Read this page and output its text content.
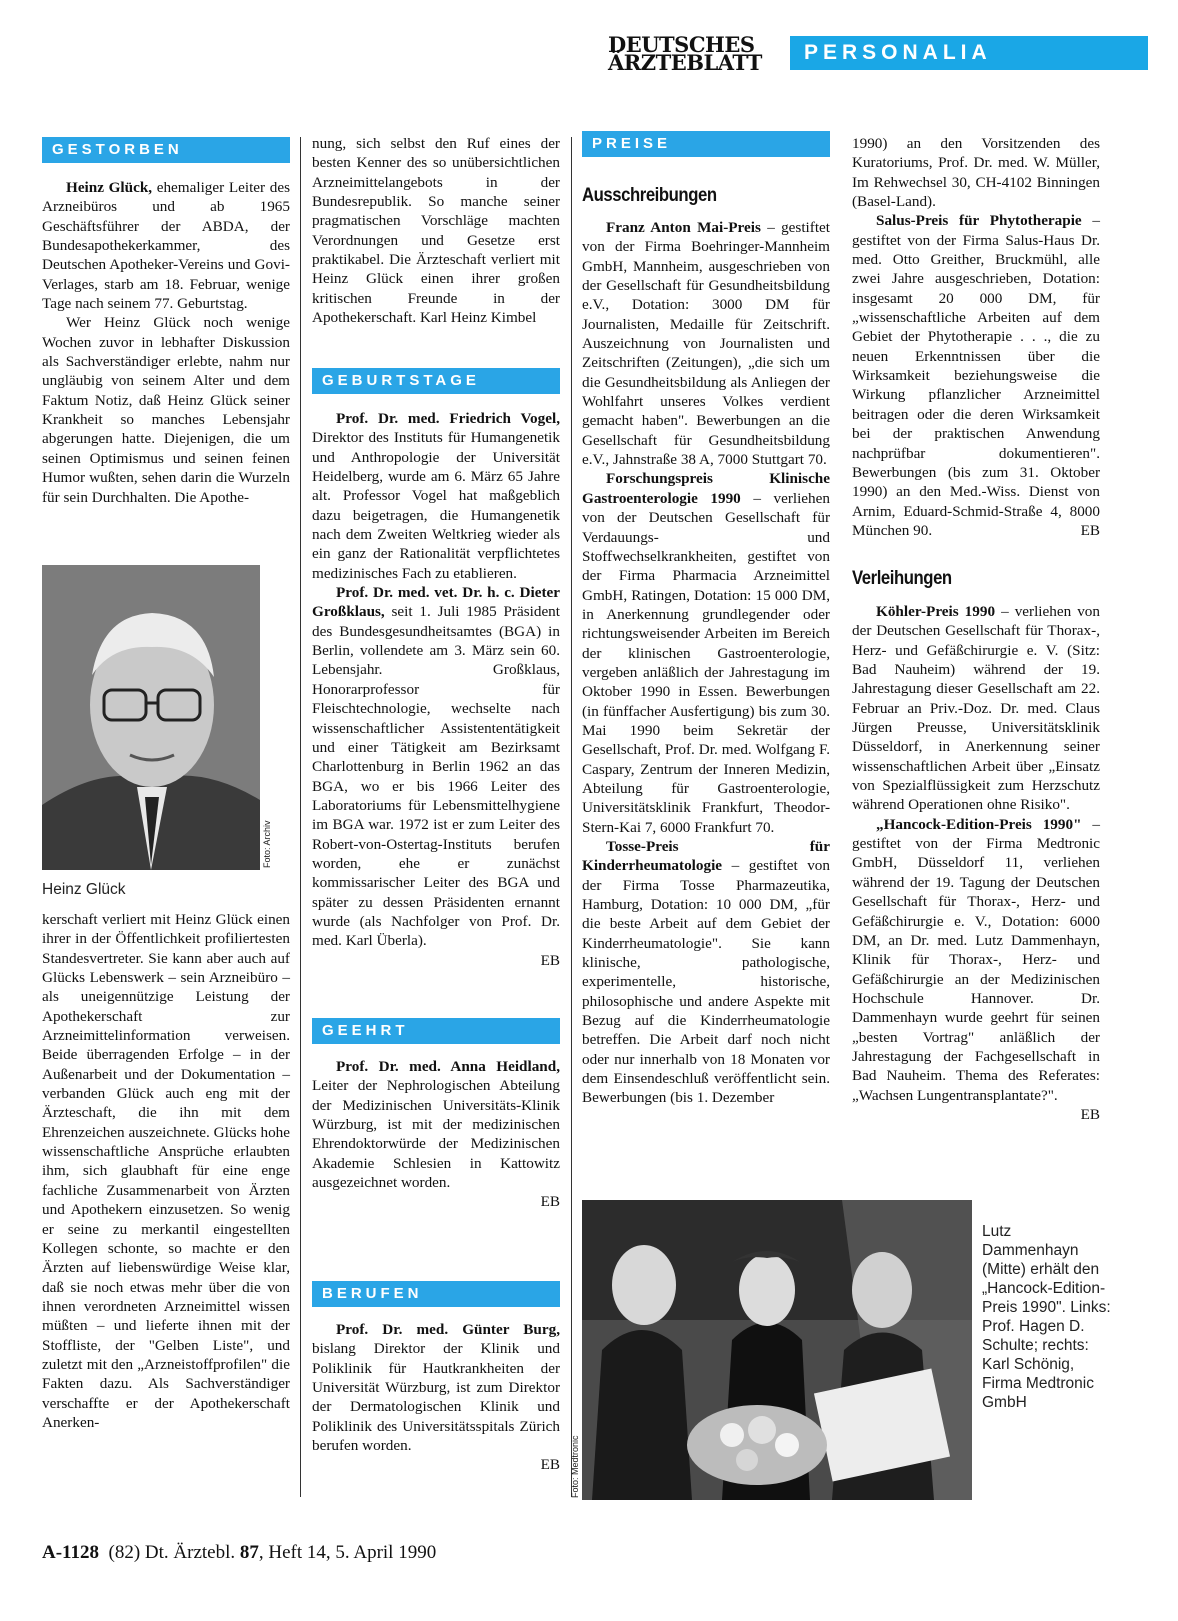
DEUTSCHES
ÄRZTEBLATT	PERSONALIA
GESTORBEN

Heinz Glück, ehemaliger Leiter des Arzneibüros und ab 1965 Geschäftsführer der ABDA, der Bundesapothekerkammer, des Deutschen Apotheker-Vereins und Govi-Verlages, starb am 18. Februar, wenige Tage nach seinem 77. Geburtstag.

Wer Heinz Glück noch wenige Wochen zuvor in lebhafter Diskussion als Sachverständiger erlebte, nahm nur ungläubig von seinem Alter und dem Faktum Notiz, daß Heinz Glück seiner Krankheit so manches Lebensjahr abgerungen hatte. Diejenigen, die um seinen Optimismus und seinen feinen Humor wußten, sehen darin die Wurzeln für sein Durchhalten. Die Apothe-

Foto: Archiv
Heinz Glück

kerschaft verliert mit Heinz Glück einen ihrer in der Öffentlichkeit profiliertesten Standesvertreter. Sie kann aber auch auf Glücks Lebenswerk – sein Arzneibüro – als uneigennützige Leistung der Apothekerschaft zur Arzneimittelinformation verweisen. Beide überragenden Erfolge – in der Außenarbeit und der Dokumentation – verbanden Glück auch eng mit der Ärzteschaft, die ihn mit dem Ehrenzeichen auszeichnete. Glücks hohe wissenschaftliche Ansprüche erlaubten ihm, sich glaubhaft für eine enge fachliche Zusammenarbeit von Ärzten und Apothekern einzusetzen. So wenig er seine zu merkantil eingestellten Kollegen schonte, so machte er den Ärzten auf liebenswürdige Weise klar, daß sie noch etwas mehr über die von ihnen verordneten Arzneimittel wissen müßten – und lieferte ihnen mit der Stoffliste, der "Gelben Liste", und zuletzt mit den „Arzneistoffprofilen" die Fakten dazu. Als Sachverständiger verschaffte er der Apothekerschaft Anerken-

nung, sich selbst den Ruf eines der besten Kenner des so unübersichtlichen Arzneimittelangebots in der Bundesrepublik. So manche seiner pragmatischen Vorschläge machten Verordnungen und Gesetze erst praktikabel. Die Ärzteschaft verliert mit Heinz Glück einen ihrer großen kritischen Freunde in der Apothekerschaft. Karl Heinz Kimbel

GEBURTSTAGE

Prof. Dr. med. Friedrich Vogel, Direktor des Instituts für Humangenetik und Anthropologie der Universität Heidelberg, wurde am 6. März 65 Jahre alt. Professor Vogel hat maßgeblich dazu beigetragen, die Humangenetik nach dem Zweiten Weltkrieg wieder als ein ganz der Rationalität verpflichtetes medizinisches Fach zu etablieren.

Prof. Dr. med. vet. Dr. h. c. Dieter Großklaus, seit 1. Juli 1985 Präsident des Bundesgesundheitsamtes (BGA) in Berlin, vollendete am 3. März sein 60. Lebensjahr. Großklaus, Honorarprofessor für Fleischtechnologie, wechselte nach wissenschaftlicher Assistententätigkeit und einer Tätigkeit am Bezirksamt Charlottenburg in Berlin 1962 an das BGA, wo er bis 1966 Leiter des Laboratoriums für Lebensmittelhygiene im BGA war. 1972 ist er zum Leiter des Robert-von-Ostertag-Instituts berufen worden, ehe er zunächst kommissarischer Leiter des BGA und später zu dessen Präsidenten ernannt wurde (als Nachfolger von Prof. Dr. med. Karl Überla).

EB
GEEHRT

Prof. Dr. med. Anna Heidland, Leiter der Nephrologischen Abteilung der Medizinischen Universitäts-Klinik Würzburg, ist mit der medizinischen Ehrendoktorwürde der Medizinischen Akademie Schlesien in Kattowitz ausgezeichnet worden.

EB
BERUFEN

Prof. Dr. med. Günter Burg, bislang Direktor der Klinik und Poliklinik für Hautkrankheiten der Universität Würzburg, ist zum Direktor der Dermatologischen Klinik und Poliklinik des Universitätsspitals Zürich berufen worden.

EB
PREISE
Ausschreibungen

Franz Anton Mai-Preis – gestiftet von der Firma Boehringer-Mannheim GmbH, Mannheim, ausgeschrieben von der Gesellschaft für Gesundheitsbildung e.V., Dotation: 3000 DM für Journalisten, Medaille für Zeitschrift. Auszeichnung von Journalisten und Zeitschriften (Zeitungen), „die sich um die Gesundheitsbildung als Anliegen der Wohlfahrt unseres Volkes verdient gemacht haben". Bewerbungen an die Gesellschaft für Gesundheitsbildung e.V., Jahnstraße 38 A, 7000 Stuttgart 70.

Forschungspreis Klinische Gastroenterologie 1990 – verliehen von der Deutschen Gesellschaft für Verdauungs- und Stoffwechselkrankheiten, gestiftet von der Firma Pharmacia Arzneimittel GmbH, Ratingen, Dotation: 15 000 DM, in Anerkennung grundlegender oder richtungsweisender Arbeiten im Bereich der klinischen Gastroenterologie, vergeben anläßlich der Jahrestagung im Oktober 1990 in Essen. Bewerbungen (in fünffacher Ausfertigung) bis zum 30. Mai 1990 beim Sekretär der Gesellschaft, Prof. Dr. med. Wolfgang F. Caspary, Zentrum der Inneren Medizin, Abteilung für Gastroenterologie, Universitätsklinik Frankfurt, Theodor-Stern-Kai 7, 6000 Frankfurt 70.

Tosse-Preis für Kinderrheumatologie – gestiftet von der Firma Tosse Pharmazeutika, Hamburg, Dotation: 10 000 DM, „für die beste Arbeit auf dem Gebiet der Kinderrheumatologie". Sie kann klinische, pathologische, experimentelle, historische, philosophische und andere Aspekte mit Bezug auf die Kinderrheumatologie betreffen. Die Arbeit darf noch nicht oder nur innerhalb von 18 Monaten vor dem Einsendeschluß veröffentlicht sein. Bewerbungen (bis 1. Dezember

1990) an den Vorsitzenden des Kuratoriums, Prof. Dr. med. W. Müller, Im Rehwechsel 30, CH-4102 Binningen (Basel-Land).

Salus-Preis für Phytotherapie – gestiftet von der Firma Salus-Haus Dr. med. Otto Greither, Bruckmühl, alle zwei Jahre ausgeschrieben, Dotation: insgesamt 20 000 DM, für „wissenschaftliche Arbeiten auf dem Gebiet der Phytotherapie . . ., die zu neuen Erkenntnissen über die Wirksamkeit beziehungsweise die Wirkung pflanzlicher Arzneimittel beitragen oder die deren Wirksamkeit bei der praktischen Anwendung nachprüfbar dokumentieren". Bewerbungen (bis zum 31. Oktober 1990) an den Med.-Wiss. Dienst von Arnim, Eduard-Schmid-Straße 4, 8000 München 90.	EB

Verleihungen

Köhler-Preis 1990 – verliehen von der Deutschen Gesellschaft für Thorax-, Herz- und Gefäßchirurgie e. V. (Sitz: Bad Nauheim) während der 19. Jahrestagung dieser Gesellschaft am 22. Februar an Priv.-Doz. Dr. med. Claus Jürgen Preusse, Universitätsklinik Düsseldorf, in Anerkennung seiner wissenschaftlichen Arbeit über „Einsatz von Spezialflüssigkeit zum Herzschutz während Operationen ohne Risiko".

„Hancock-Edition-Preis 1990" – gestiftet von der Firma Medtronic GmbH, Düsseldorf 11, verliehen während der 19. Tagung der Deutschen Gesellschaft für Thorax-, Herz- und Gefäßchirurgie e. V., Dotation: 6000 DM, an Dr. med. Lutz Dammenhayn, Klinik für Thorax-, Herz- und Gefäßchirurgie an der Medizinischen Hochschule Hannover. Dr. Dammenhayn wurde geehrt für seinen „besten Vortrag" anläßlich der Jahrestagung der Fachgesellschaft in Bad Nauheim. Thema des Referates: „Wachsen Lungentransplantate?".

EB
Foto: Medtronic
Lutz Dammenhayn (Mitte) erhält den „Hancock-Edition-Preis 1990". Links: Prof. Hagen D. Schulte; rechts: Karl Schönig, Firma Medtronic GmbH
A-1128 (82) Dt. Ärztebl. 87, Heft 14, 5. April 1990
